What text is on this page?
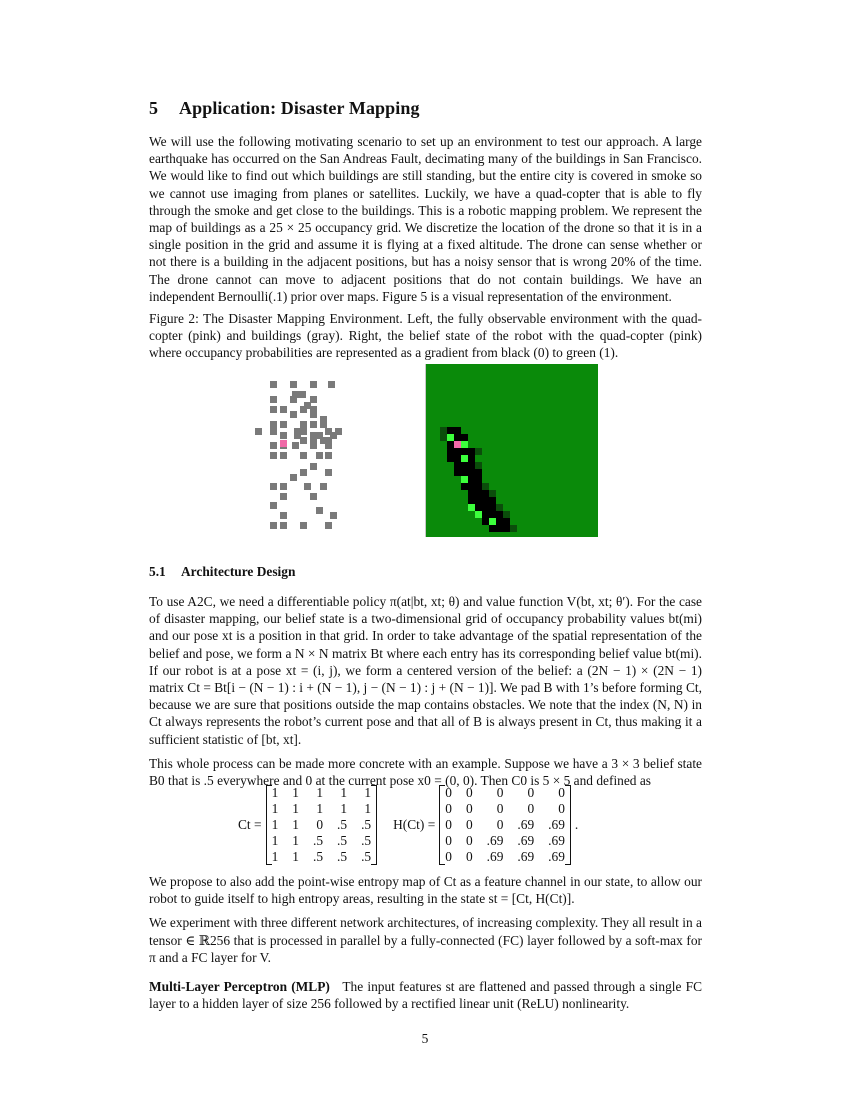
5 Application: Disaster Mapping

We will use the following motivating scenario to set up an environment to test our approach. A large earthquake has occurred on the San Andreas Fault, decimating many of the buildings in San Francisco. We would like to find out which buildings are still standing, but the entire city is covered in smoke so we cannot use imaging from planes or satellites. Luckily, we have a quad-copter that is able to fly through the smoke and get close to the buildings. This is a robotic mapping problem. We represent the map of buildings as a 25 × 25 occupancy grid. We discretize the location of the drone so that it is in a single position in the grid and assume it is flying at a fixed altitude. The drone can sense whether or not there is a building in the adjacent positions, but has a noisy sensor that is wrong 20% of the time. The drone cannot can move to adjacent positions that do not contain buildings. We have an independent Bernoulli(.1) prior over maps. Figure 5 is a visual representation of the environment.

Figure 2: The Disaster Mapping Environment. Left, the fully observable environment with the quad-copter (pink) and buildings (gray). Right, the belief state of the robot with the quad-copter (pink) where occupancy probabilities are represented as a gradient from black (0) to green (1).

5.1 Architecture Design

To use A2C, we need a differentiable policy π(at|bt, xt; θ) and value function V(bt, xt; θ′). For the case of disaster mapping, our belief state is a two-dimensional grid of occupancy probability values bt(mi) and our pose xt is a position in that grid. In order to take advantage of the spatial representation of the belief and pose, we form a N × N matrix Bt where each entry has its corresponding belief value bt(mi). If our robot is at a pose xt = (i, j), we form a centered version of the belief: a (2N − 1) × (2N − 1) matrix Ct = Bt[i − (N − 1) : i + (N − 1), j − (N − 1) : j + (N − 1)]. We pad B with 1’s before forming Ct, because we are sure that positions outside the map contains obstacles. We note that the index (N, N) in Ct always represents the robot’s current pose and that all of B is always present in Ct, thus making it a sufficient statistic of [bt, xt].

This whole process can be made more concrete with an example. Suppose we have a 3 × 3 belief state B0 that is .5 everywhere and 0 at the current pose x0 = (0, 0). Then C0 is 5 × 5 and defined as

Ct =
1	1	1	1	1
1	1	1	1	1
1	1	0	.5	.5
1	1	.5	.5	.5
1	1	.5	.5	.5
H(Ct) =
0	0	0	0	0
0	0	0	0	0
0	0	0	.69	.69
0	0	.69	.69	.69
0	0	.69	.69	.69
.

We propose to also add the point-wise entropy map of Ct as a feature channel in our state, to allow our robot to guide itself to high entropy areas, resulting in the state st = [Ct, H(Ct)].

We experiment with three different network architectures, of increasing complexity. They all result in a tensor ∈ ℝ256 that is processed in parallel by a fully-connected (FC) layer followed by a soft-max for π and a FC layer for V.

Multi-Layer Perceptron (MLP) The input features st are flattened and passed through a single FC layer to a hidden layer of size 256 followed by a rectified linear unit (ReLU) nonlinearity.

5
